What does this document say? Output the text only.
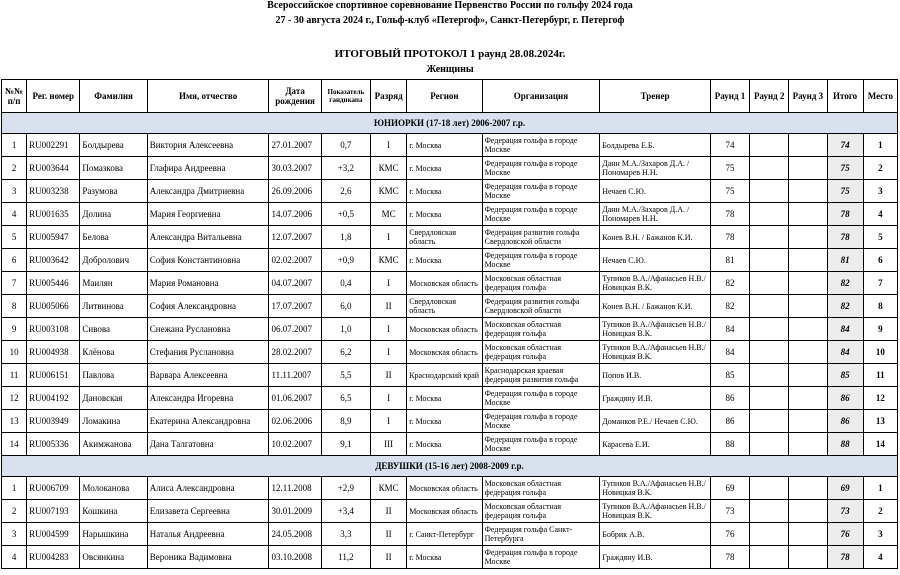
Всероссийское спортивное соревнование Первенство России по гольфу 2024 года
27 - 30 августа 2024 г., Гольф-клуб «Петергоф», Санкт-Петербург, г. Петергоф
ИТОГОВЫЙ ПРОТОКОЛ 1 раунд 28.08.2024г.
Женщины
№№ п/п	Рег. номер	Фамилия	Имя, отчество	Дата рождения	Показатель гандикапа	Разряд	Регион	Организация	Тренер	Раунд 1	Раунд 2	Раунд 3	Итого	Место
ЮНИОРКИ (17-18 лет) 2006-2007 г.р.														
1	RU002291	Болдырева	Виктория Алексеевна	27.01.2007	0,7	I	г. Москва	Федерация гольфа в городе Москве	Болдырева Е.Б.	74			74	1
2	RU003644	Помазкова	Глафира Андреевна	30.03.2007	+3,2	КМС	г. Москва	Федерация гольфа в городе Москве	Данн М.А./Захаров Д.А. /Пономарев Н.Н.	75			75	2
3	RU003238	Разумова	Александра Дмитриевна	26.09.2006	2,6	КМС	г. Москва	Федерация гольфа в городе Москве	Нечаев С.Ю.	75			75	3
4	RU001635	Долина	Мария Георгиевна	14.07.2006	+0,5	МС	г. Москва	Федерация гольфа в городе Москве	Данн М.А./Захаров Д.А. /Пономарев Н.Н.	78			78	4
5	RU005947	Белова	Александра Витальевна	12.07.2007	1,8	I	Свердловская область	Федерация развития гольфа Свердловской области	Конев В.Н. / Бажанов К.И.	78			78	5
6	RU003642	Добролович	София Константиновна	02.02.2007	+0,9	КМС	г. Москва	Федерация гольфа в городе Москве	Нечаев С.Ю.	81			81	6
7	RU005446	Маилян	Мария Романовна	04.07.2007	0,4	I	Московская область	Московская областная федерация гольфа	Тупиков В.А./Афанасьев Н.В./Новицкая В.К.	82			82	7
8	RU005066	Литвинова	София Александровна	17.07.2007	6,0	II	Свердловская область	Федерация развития гольфа Свердловской области	Конев В.Н. / Бажанов К.И.	82			82	8
9	RU003108	Сивова	Снежана Руслановна	06.07.2007	1,0	I	Московская область	Московская областная федерация гольфа	Тупиков В.А./Афанасьев Н.В./Новицкая В.К.	84			84	9
10	RU004938	Клёнова	Стефания Руслановна	28.02.2007	6,2	I	Московская область	Московская областная федерация гольфа	Тупиков В.А./Афанасьев Н.В./Новицкая В.К.	84			84	10
11	RU006151	Павлова	Варвара Алексеевна	11.11.2007	5,5	II	Краснодарский край	Краснодарская краевая федерация развития гольфа	Попов И.В.	85			85	11
12	RU004192	Дановская	Александра Игоревна	01.06.2007	6,5	I	г. Москва	Федерация гольфа в городе Москве	Граждяну И.В.	86			86	12
13	RU003949	Ломакина	Екатерина Александровна	02.06.2006	8,9	I	г. Москва	Федерация гольфа в городе Москве	Доманков Р.Е./ Нечаев С.Ю.	86			86	13
14	RU005336	Акимжанова	Дана Талгатовна	10.02.2007	9,1	III	г. Москва	Федерация гольфа в городе Москве	Карасева Е.И.	88			88	14
ДЕВУШКИ (15-16 лет) 2008-2009 г.р.														
1	RU006709	Молоканова	Алиса Александровна	12.11.2008	+2,9	КМС	Московская область	Московская областная федерация гольфа	Тупиков В.А./Афанасьев Н.В./ Новицкая В.К.	69			69	1
2	RU007193	Кошкина	Елизавета Сергеевна	30.01.2009	+3,4	II	Московская область	Московская областная федерация гольфа	Тупиков В.А./Афанасьев Н.В./ Новицкая В.К.	73			73	2
3	RU004599	Нарышкина	Наталья Андреевна	24.05.2008	3,3	II	г. Санкт-Петербург	Федерация гольфа Санкт-Петербурга	Бобрик А.В.	76			76	3
4	RU004283	Овсянкина	Вероника Вадимовна	03.10.2008	11,2	II	г. Москва	Федерация гольфа в городе Москве	Граждяну И.В.	78			78	4
